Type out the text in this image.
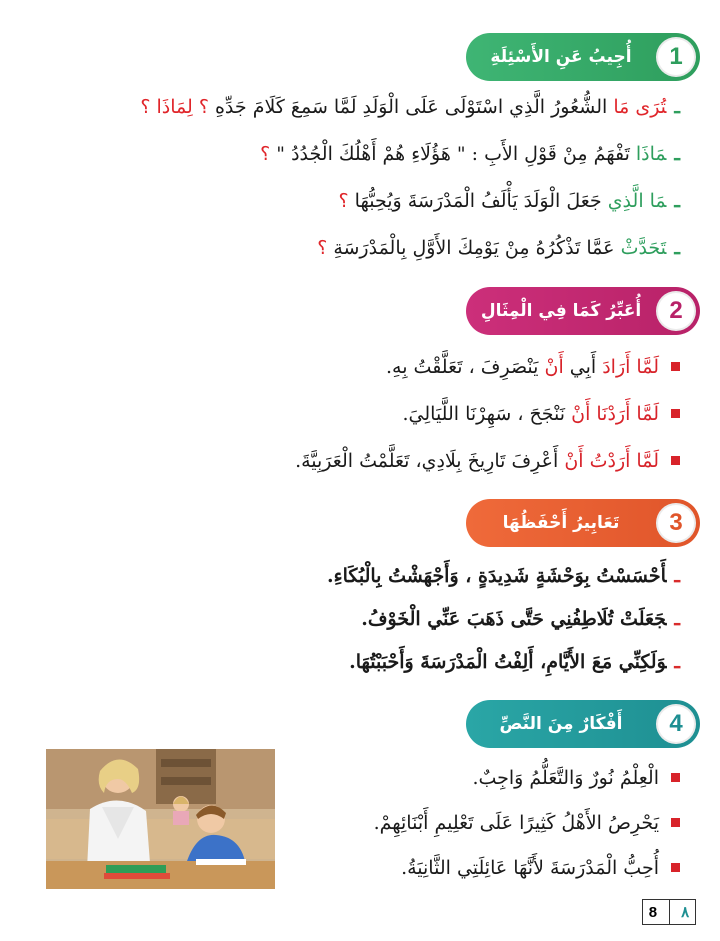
1
أُجِيبُ عَنِ الأَسْئِلَةِ
ـتُرَى مَا الشُّعُورُ الَّذِي اسْتَوْلَى عَلَى الْوَلَدِ لَمَّا سَمِعَ كَلَامَ جَدِّهِ ؟ لِمَاذَا ؟
ـمَاذَا تَفْهَمُ مِنْ قَوْلِ الأَبِ : " هَؤُلَاءِ هُمْ أَهْلُكَ الْجُدُدُ " ؟
ـمَا الَّذِي جَعَلَ الْوَلَدَ يَأْلَفُ الْمَدْرَسَةَ وَيُحِبُّهَا ؟
ـتَحَدَّثْ عَمَّا تَذْكُرُهُ مِنْ يَوْمِكَ الأَوَّلِ بِالْمَدْرَسَةِ ؟
2
أُعَبِّرُ كَمَا فِي الْمِثَالِ
لَمَّا أَرَادَ أَبِي أَنْ يَنْصَرِفَ ، تَعَلَّقْتُ بِهِ.
لَمَّا أَرَدْنَا أَنْ نَنْجَحَ ، سَهِرْنَا اللَّيَالِيَ.
لَمَّا أَرَدْتُ أَنْ أَعْرِفَ تَارِيخَ بِلَادِي، تَعَلَّمْتُ الْعَرَبِيَّةَ.
3
تَعَابِيرُ أَحْفَظُهَا
ـأَحْسَسْتُ بِوَحْشَةٍ شَدِيدَةٍ ، وَأَجْهَشْتُ بِالْبُكَاءِ.
ـجَعَلَتْ تُلَاطِفُنِي حَتَّى ذَهَبَ عَنِّي الْخَوْفُ.
ـوَلَكِنِّي مَعَ الأَيَّامِ، أَلِفْتُ الْمَدْرَسَةَ وَأَحْبَبْتُهَا.
4
أَفْكَارٌ مِنَ النَّصِّ
الْعِلْمُ نُورٌ وَالتَّعَلُّمُ وَاجِبٌ.
يَحْرِصُ الأَهْلُ كَثِيرًا عَلَى تَعْلِيمِ أَبْنَائِهِمْ.
أُحِبُّ الْمَدْرَسَةَ لأَنَّهَا عَائِلَتِي الثَّانِيَةُ.
8 ٨
